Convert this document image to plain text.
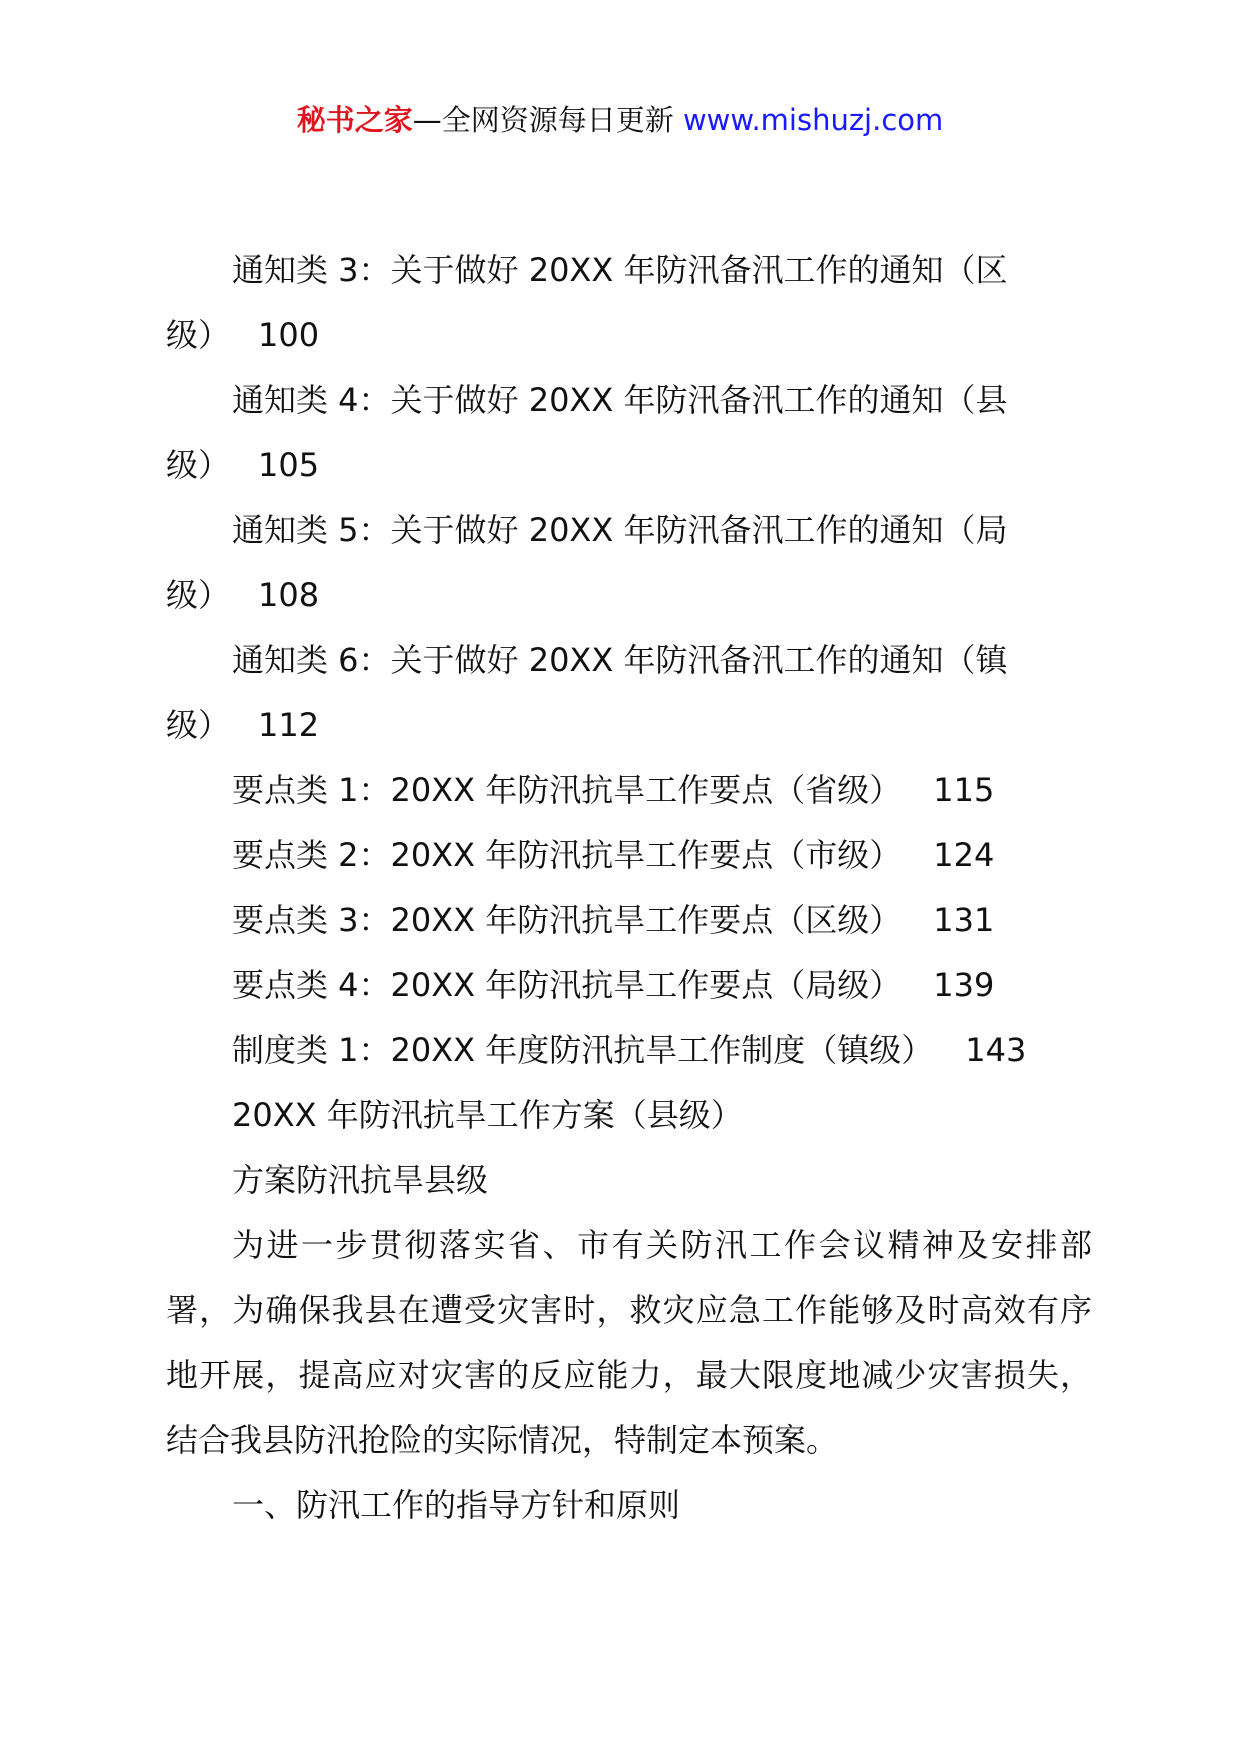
秘书之家—全网资源每日更新 www.mishuzj.com

通知类 3：关于做好 20XX 年防汛备汛工作的通知（区
级） 100

通知类 4：关于做好 20XX 年防汛备汛工作的通知（县
级） 105

通知类 5：关于做好 20XX 年防汛备汛工作的通知（局
级） 108

通知类 6：关于做好 20XX 年防汛备汛工作的通知（镇
级） 112

要点类 1：20XX 年防汛抗旱工作要点（省级） 115

要点类 2：20XX 年防汛抗旱工作要点（市级） 124

要点类 3：20XX 年防汛抗旱工作要点（区级） 131

要点类 4：20XX 年防汛抗旱工作要点（局级） 139

制度类 1：20XX 年度防汛抗旱工作制度（镇级） 143

20XX 年防汛抗旱工作方案（县级）

方案防汛抗旱县级

为进一步贯彻落实省、市有关防汛工作会议精神及安排部署，为确保我县在遭受灾害时，救灾应急工作能够及时高效有序地开展，提高应对灾害的反应能力，最大限度地减少灾害损失，结合我县防汛抢险的实际情况，特制定本预案。

一、防汛工作的指导方针和原则
